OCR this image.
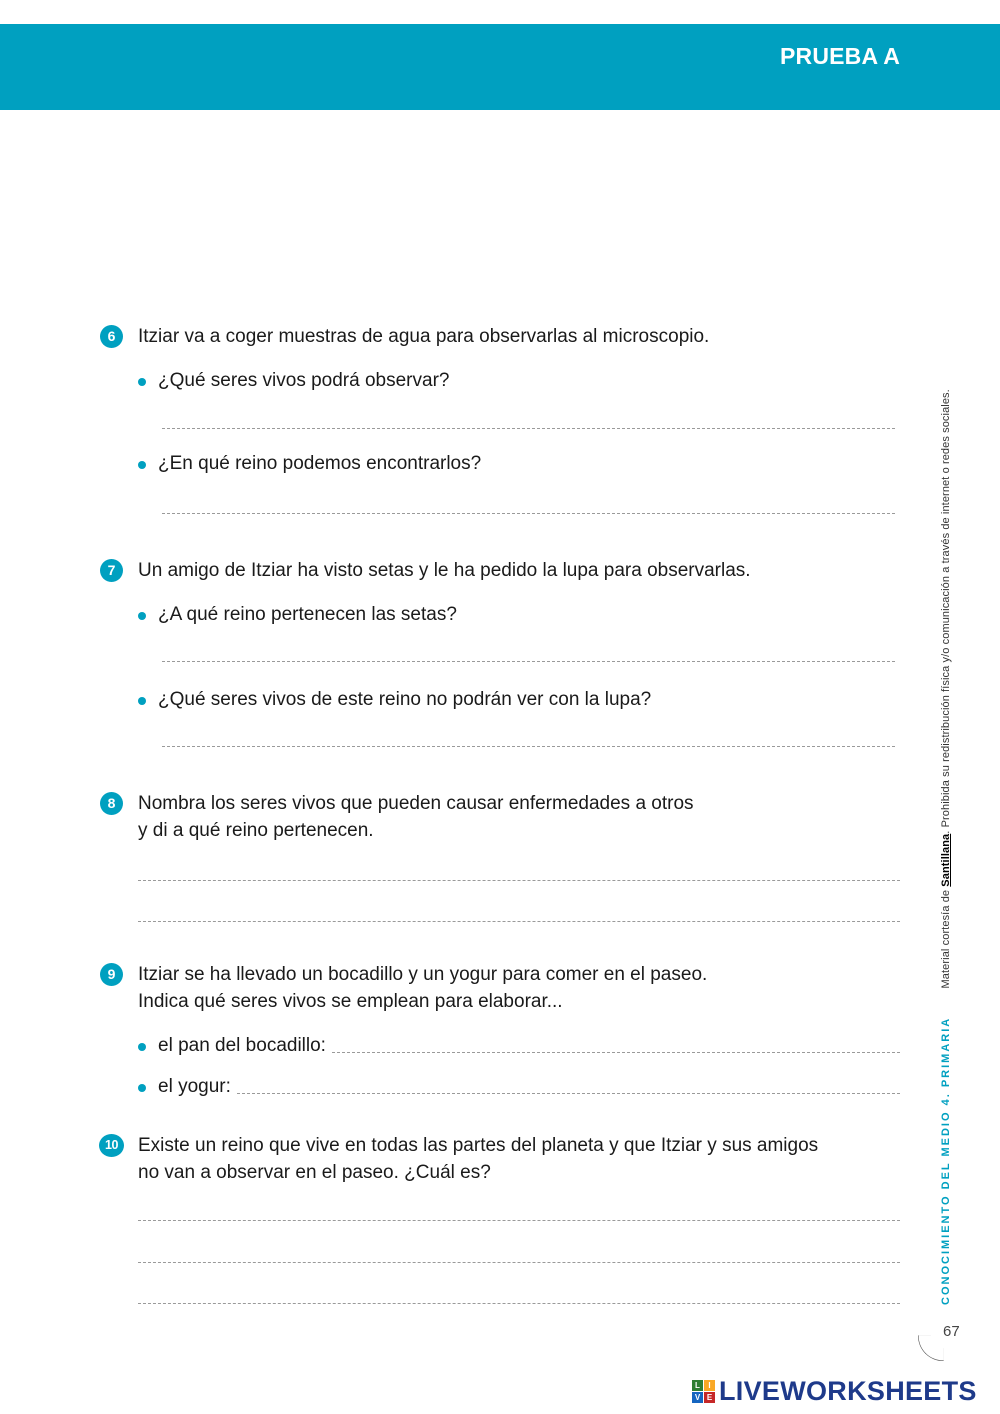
PRUEBA A
6	Itziar va a coger muestras de agua para observarlas al microscopio.
¿Qué seres vivos podrá observar?
¿En qué reino podemos encontrarlos?
7	Un amigo de Itziar ha visto setas y le ha pedido la lupa para observarlas.
¿A qué reino pertenecen las setas?
¿Qué seres vivos de este reino no podrán ver con la lupa?
8	Nombra los seres vivos que pueden causar enfermedades a otros
y di a qué reino pertenecen.
9	Itziar se ha llevado un bocadillo y un yogur para comer en el paseo.
Indica qué seres vivos se emplean para elaborar...
el pan del bocadillo:
el yogur:
10	Existe un reino que vive en todas las partes del planeta y que Itziar y sus amigos
no van a observar en el paseo. ¿Cuál es?	CONOCIMIENTO DEL MEDIO 4. PRIMARIA  Material cortesía de Santillana. Prohibida su redistribución física y/o comunicación a través de internet o redes sociales.
67
L	I
V E LIVEWORKSHEETS
